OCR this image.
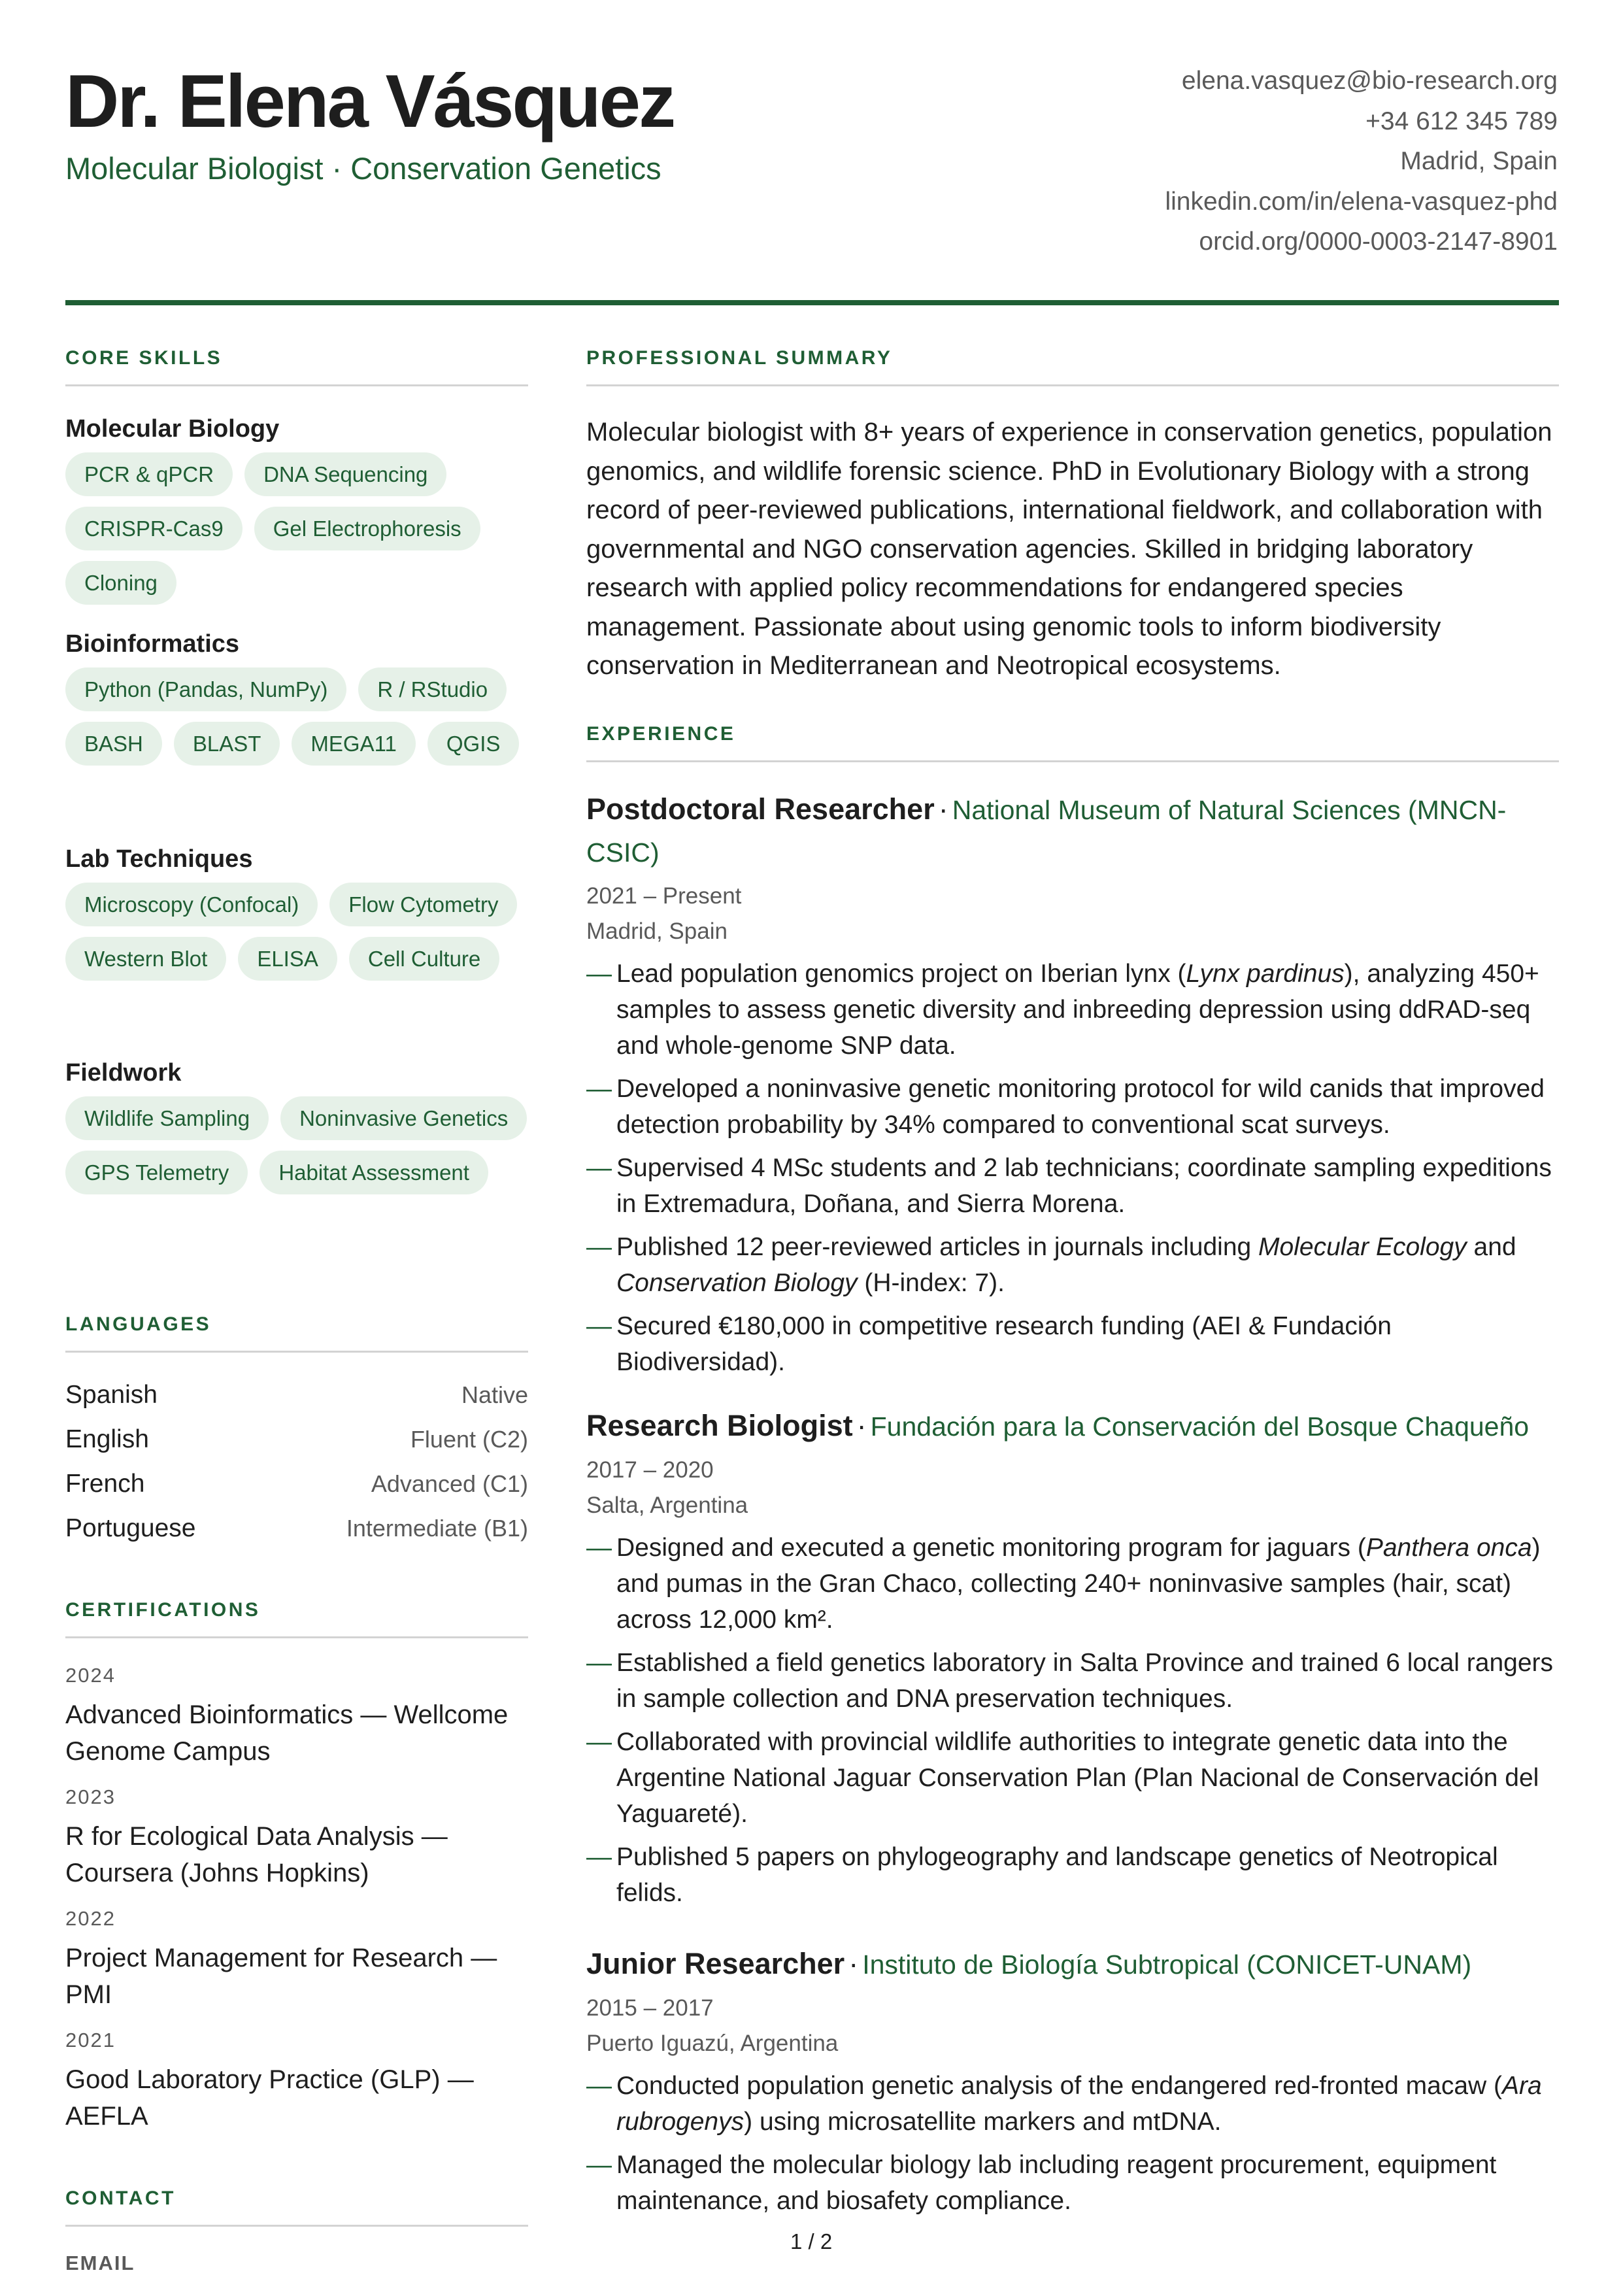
Dr. Elena Vásquez
Molecular Biologist · Conservation Genetics
elena.vasquez@bio-research.org
+34 612 345 789
Madrid, Spain
linkedin.com/in/elena-vasquez-phd
orcid.org/0000-0003-2147-8901
CORE SKILLS
Molecular Biology
PCR & qPCR	DNA Sequencing
CRISPR-Cas9	Gel Electrophoresis
Cloning
Bioinformatics
Python (Pandas, NumPy)	R / RStudio
BASH	BLAST	MEGA11	QGIS
Lab Techniques
Microscopy (Confocal)	Flow Cytometry
Western Blot	ELISA	Cell Culture
Fieldwork
Wildlife Sampling	Noninvasive Genetics
GPS Telemetry	Habitat Assessment
LANGUAGES
Spanish	Native
English	Fluent (C2)
French	Advanced (C1)
Portuguese	Intermediate (B1)
CERTIFICATIONS
2024
Advanced Bioinformatics — Wellcome Genome Campus
2023
R for Ecological Data Analysis — Coursera (Johns Hopkins)
2022
Project Management for Research — PMI
2021
Good Laboratory Practice (GLP) — AEFLA
CONTACT
EMAIL
PROFESSIONAL SUMMARY

Molecular biologist with 8+ years of experience in conservation genetics, population genomics, and wildlife forensic science. PhD in Evolutionary Biology with a strong record of peer-reviewed publications, international fieldwork, and collaboration with governmental and NGO conservation agencies. Skilled in bridging laboratory research with applied policy recommendations for endangered species management. Passionate about using genomic tools to inform biodiversity conservation in Mediterranean and Neotropical ecosystems.

EXPERIENCE
Postdoctoral Researcher · National Museum of Natural Sciences (MNCN-CSIC)
2021 – Present
Madrid, Spain
— Lead population genomics project on Iberian lynx (Lynx pardinus), analyzing 450+ samples to assess genetic diversity and inbreeding depression using ddRAD-seq and whole-genome SNP data.
— Developed a noninvasive genetic monitoring protocol for wild canids that improved detection probability by 34% compared to conventional scat surveys.
— Supervised 4 MSc students and 2 lab technicians; coordinate sampling expeditions in Extremadura, Doñana, and Sierra Morena.
— Published 12 peer-reviewed articles in journals including Molecular Ecology and Conservation Biology (H-index: 7).
— Secured €180,000 in competitive research funding (AEI & Fundación Biodiversidad).
Research Biologist · Fundación para la Conservación del Bosque Chaqueño
2017 – 2020
Salta, Argentina
— Designed and executed a genetic monitoring program for jaguars (Panthera onca) and pumas in the Gran Chaco, collecting 240+ noninvasive samples (hair, scat) across 12,000 km².
— Established a field genetics laboratory in Salta Province and trained 6 local rangers in sample collection and DNA preservation techniques.
— Collaborated with provincial wildlife authorities to integrate genetic data into the Argentine National Jaguar Conservation Plan (Plan Nacional de Conservación del Yaguareté).
— Published 5 papers on phylogeography and landscape genetics of Neotropical felids.
Junior Researcher · Instituto de Biología Subtropical (CONICET-UNAM)
2015 – 2017
Puerto Iguazú, Argentina
— Conducted population genetic analysis of the endangered red-fronted macaw (Ara rubrogenys) using microsatellite markers and mtDNA.
— Managed the molecular biology lab including reagent procurement, equipment maintenance, and biosafety compliance.
1 / 2
